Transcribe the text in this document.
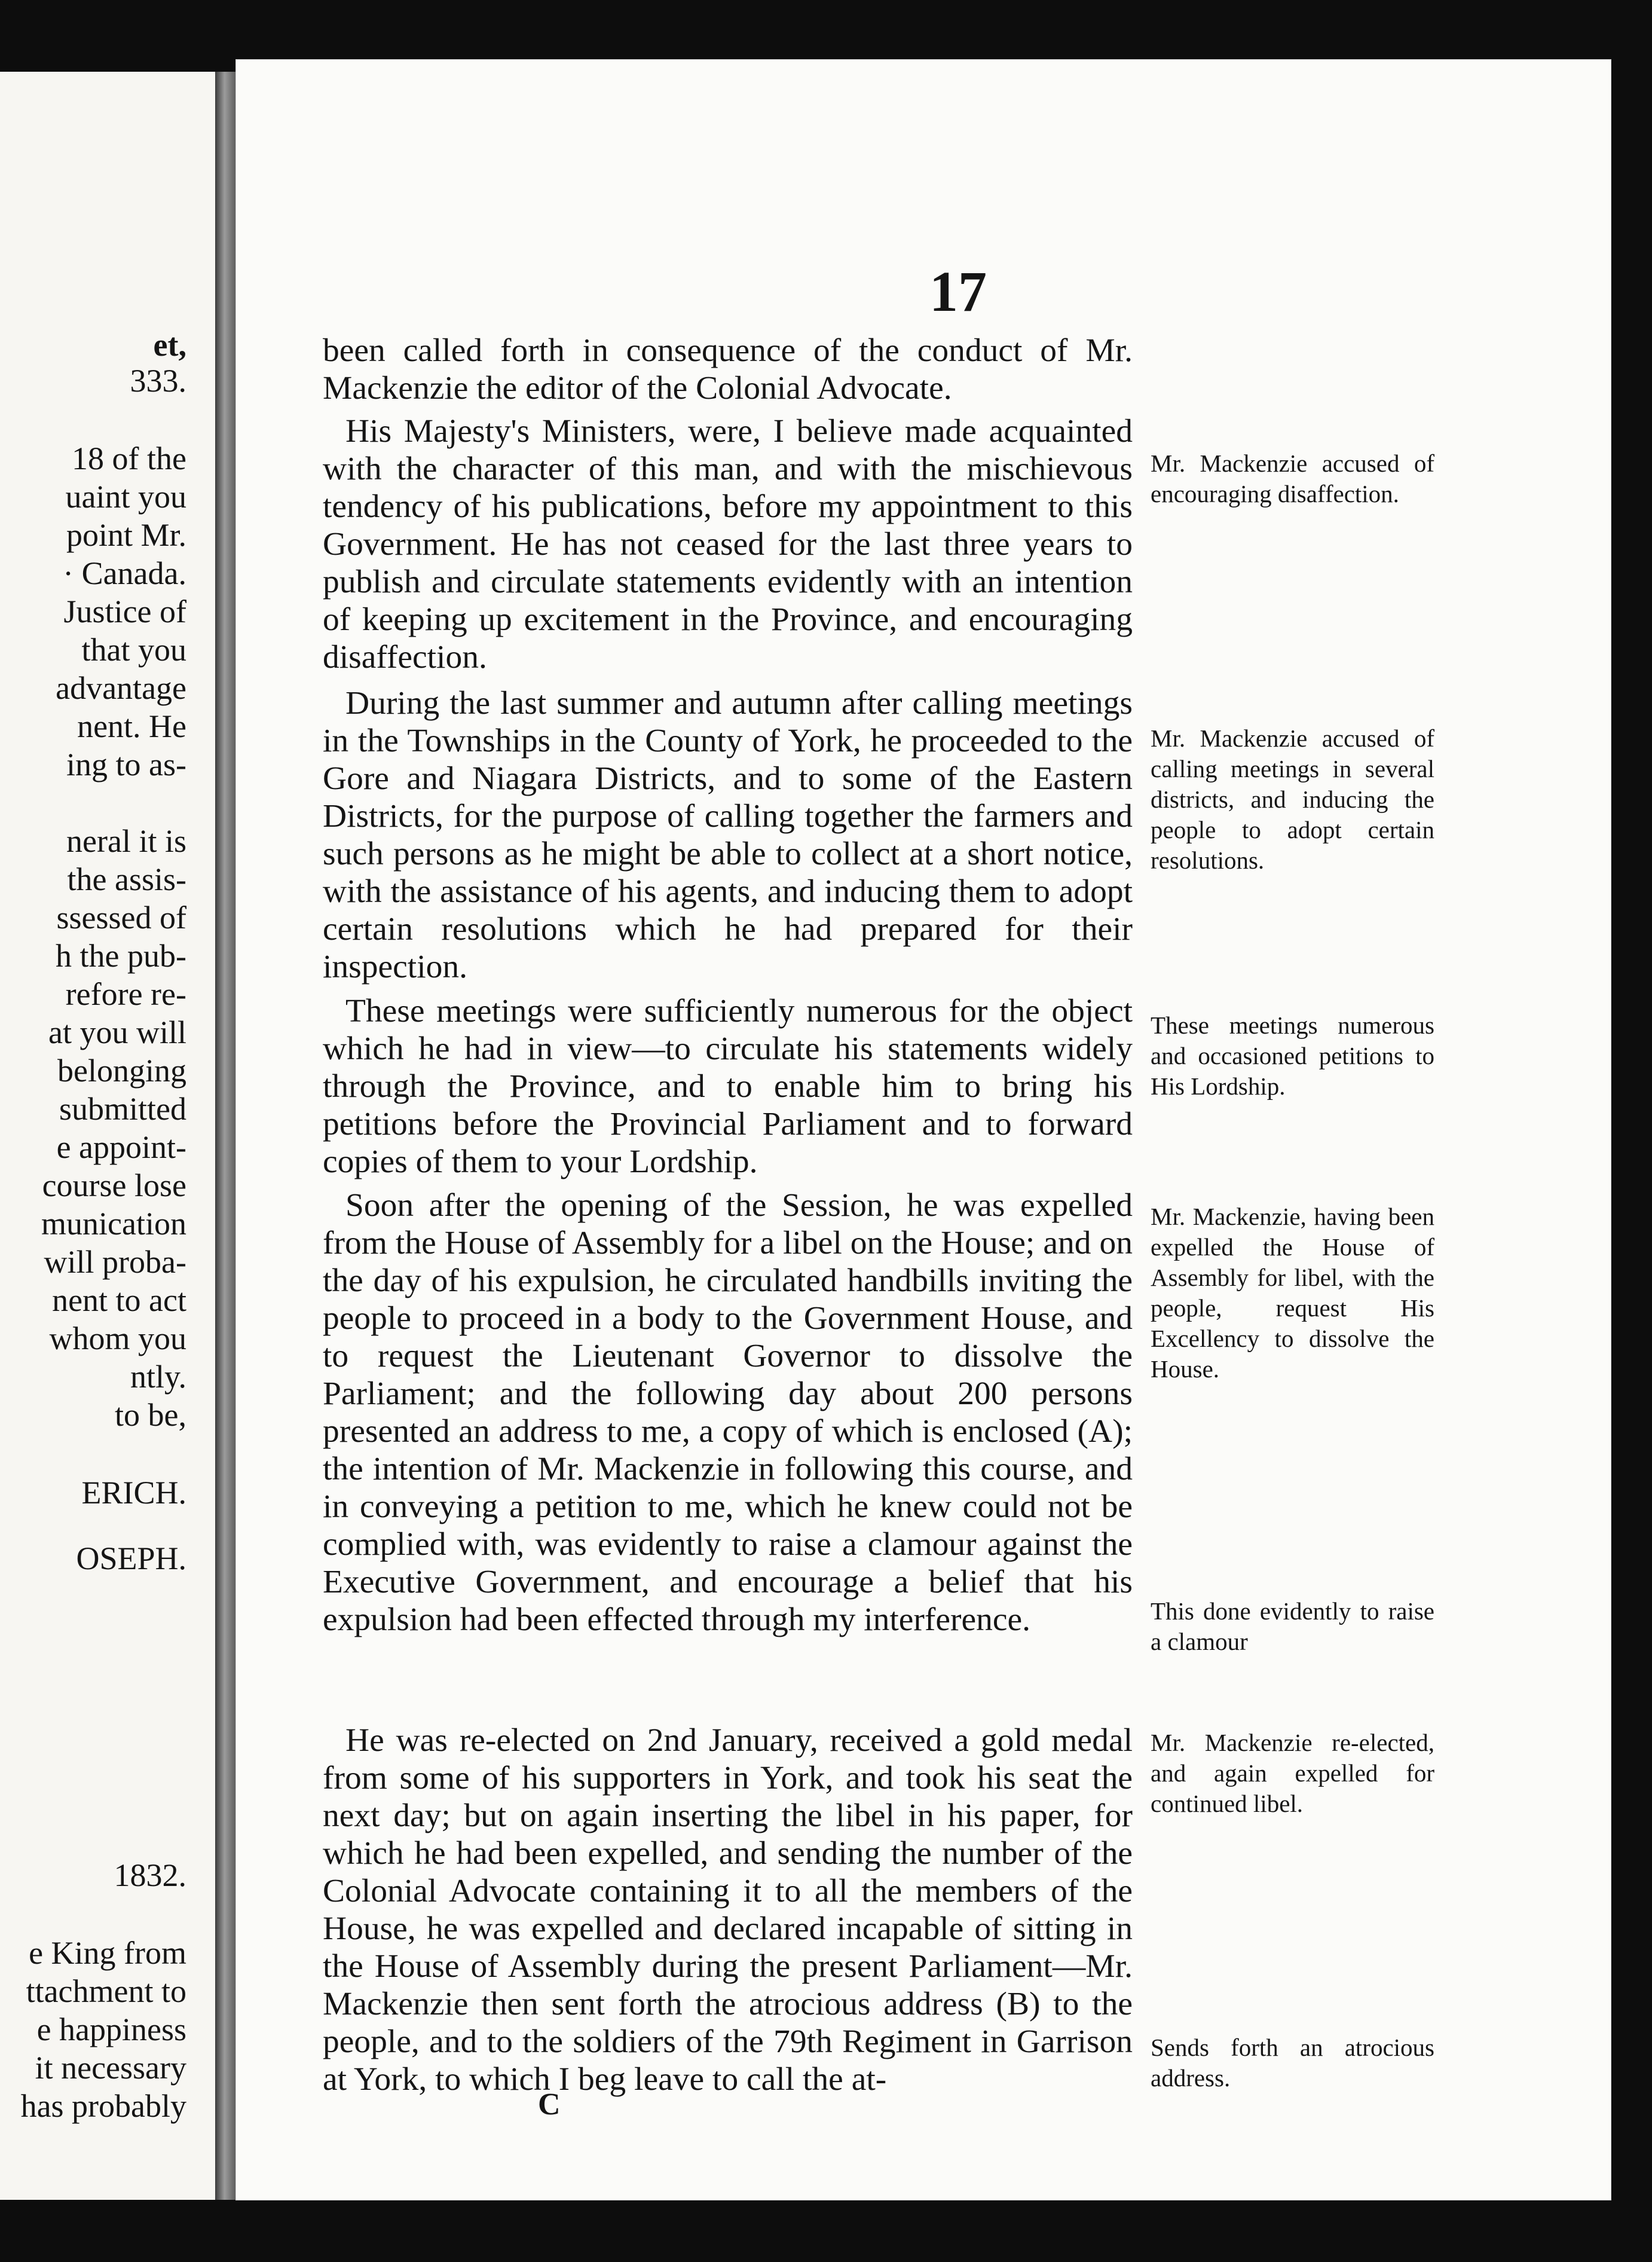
et,
333.
18 of the
uaint you
point Mr.
· Canada.
Justice of
that you
advantage
nent. He
ing to as-
neral it is
the assis-
ssessed of
h the pub-
refore re-
at you will
belonging
submitted
e appoint-
course lose
munication
will proba-
nent to act
whom you
ntly.
to be,
ERICH.
OSEPH.
1832.
e King from
ttachment to
e happiness
it necessary
has probably
17
been called forth in consequence of the conduct of Mr. Mackenzie the editor of the Colonial Advocate.
His Majesty's Ministers, were, I believe made acquainted with the character of this man, and with the mischievous tendency of his publications, before my appointment to this Government. He has not ceased for the last three years to publish and circulate statements evidently with an intention of keeping up excitement in the Province, and encouraging disaffection.
During the last summer and autumn after calling meetings in the Townships in the County of York, he proceeded to the Gore and Niagara Districts, and to some of the Eastern Districts, for the purpose of calling together the farmers and such persons as he might be able to collect at a short notice, with the assistance of his agents, and inducing them to adopt certain resolutions which he had prepared for their inspection.
These meetings were sufficiently numerous for the object which he had in view—to circulate his statements widely through the Province, and to enable him to bring his petitions before the Provincial Parliament and to forward copies of them to your Lordship.
Soon after the opening of the Session, he was expelled from the House of Assembly for a libel on the House; and on the day of his expulsion, he circulated handbills inviting the people to proceed in a body to the Government House, and to request the Lieutenant Governor to dissolve the Parliament; and the following day about 200 persons presented an address to me, a copy of which is enclosed (A); the intention of Mr. Mackenzie in following this course, and in conveying a petition to me, which he knew could not be complied with, was evidently to raise a clamour against the Executive Government, and encourage a belief that his expulsion had been effected through my interference.
He was re-elected on 2nd January, received a gold medal from some of his supporters in York, and took his seat the next day; but on again inserting the libel in his paper, for which he had been expelled, and sending the number of the Colonial Advocate containing it to all the members of the House, he was expelled and declared incapable of sitting in the House of Assembly during the present Parliament—Mr. Mackenzie then sent forth the atrocious address (B) to the people, and to the soldiers of the 79th Regiment in Garrison at York, to which I beg leave to call the at-
Mr. Mackenzie accused of encouraging disaffection.
Mr. Mackenzie accused of calling meetings in several districts, and inducing the people to adopt certain resolutions.
These meetings numerous and occasioned petitions to His Lordship.
Mr. Mackenzie, having been expelled the House of Assembly for libel, with the people, request His Excellency to dissolve the House.
This done evidently to raise a clamour
Mr. Mackenzie re-elected, and again expelled for continued libel.
Sends forth an atrocious address.
C
